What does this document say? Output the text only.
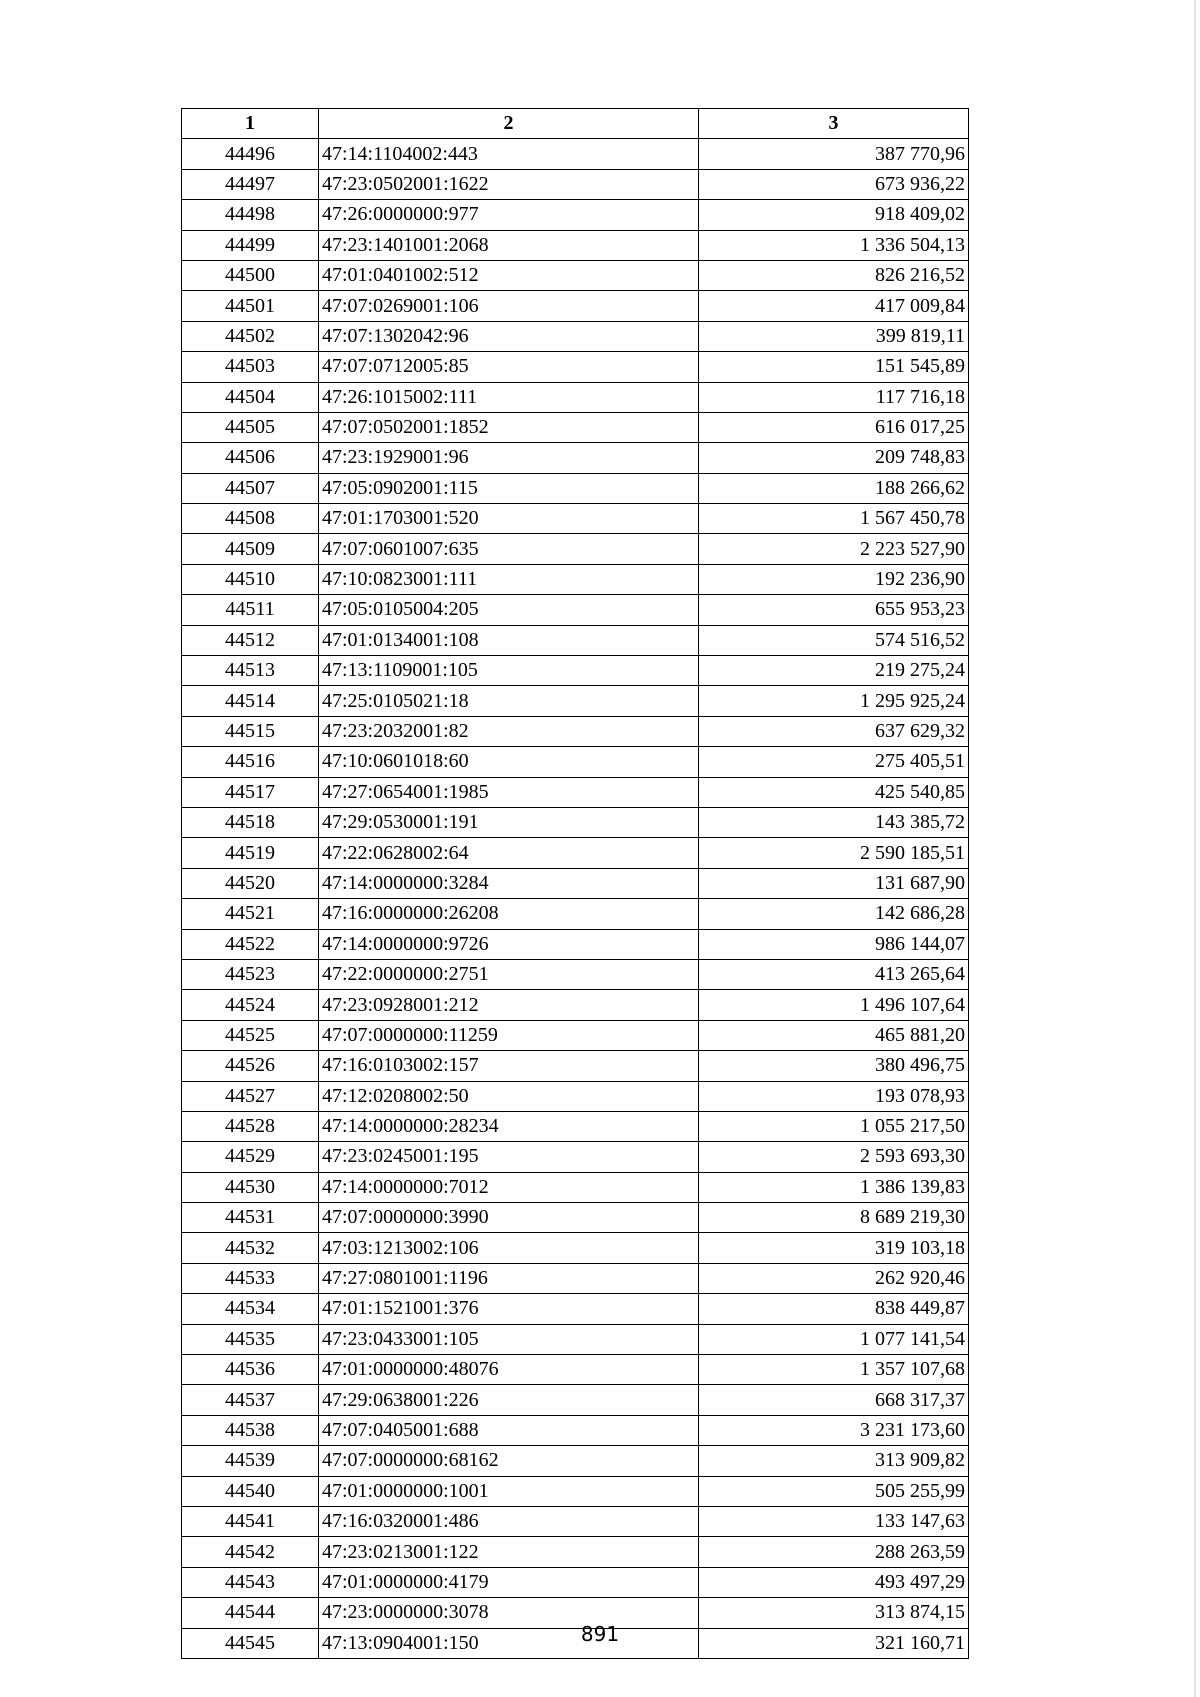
1	2	3
44496	47:14:1104002:443	387 770,96
44497	47:23:0502001:1622	673 936,22
44498	47:26:0000000:977	918 409,02
44499	47:23:1401001:2068	1 336 504,13
44500	47:01:0401002:512	826 216,52
44501	47:07:0269001:106	417 009,84
44502	47:07:1302042:96	399 819,11
44503	47:07:0712005:85	151 545,89
44504	47:26:1015002:111	117 716,18
44505	47:07:0502001:1852	616 017,25
44506	47:23:1929001:96	209 748,83
44507	47:05:0902001:115	188 266,62
44508	47:01:1703001:520	1 567 450,78
44509	47:07:0601007:635	2 223 527,90
44510	47:10:0823001:111	192 236,90
44511	47:05:0105004:205	655 953,23
44512	47:01:0134001:108	574 516,52
44513	47:13:1109001:105	219 275,24
44514	47:25:0105021:18	1 295 925,24
44515	47:23:2032001:82	637 629,32
44516	47:10:0601018:60	275 405,51
44517	47:27:0654001:1985	425 540,85
44518	47:29:0530001:191	143 385,72
44519	47:22:0628002:64	2 590 185,51
44520	47:14:0000000:3284	131 687,90
44521	47:16:0000000:26208	142 686,28
44522	47:14:0000000:9726	986 144,07
44523	47:22:0000000:2751	413 265,64
44524	47:23:0928001:212	1 496 107,64
44525	47:07:0000000:11259	465 881,20
44526	47:16:0103002:157	380 496,75
44527	47:12:0208002:50	193 078,93
44528	47:14:0000000:28234	1 055 217,50
44529	47:23:0245001:195	2 593 693,30
44530	47:14:0000000:7012	1 386 139,83
44531	47:07:0000000:3990	8 689 219,30
44532	47:03:1213002:106	319 103,18
44533	47:27:0801001:1196	262 920,46
44534	47:01:1521001:376	838 449,87
44535	47:23:0433001:105	1 077 141,54
44536	47:01:0000000:48076	1 357 107,68
44537	47:29:0638001:226	668 317,37
44538	47:07:0405001:688	3 231 173,60
44539	47:07:0000000:68162	313 909,82
44540	47:01:0000000:1001	505 255,99
44541	47:16:0320001:486	133 147,63
44542	47:23:0213001:122	288 263,59
44543	47:01:0000000:4179	493 497,29
44544	47:23:0000000:3078	313 874,15
44545	47:13:0904001:150	321 160,71
891
